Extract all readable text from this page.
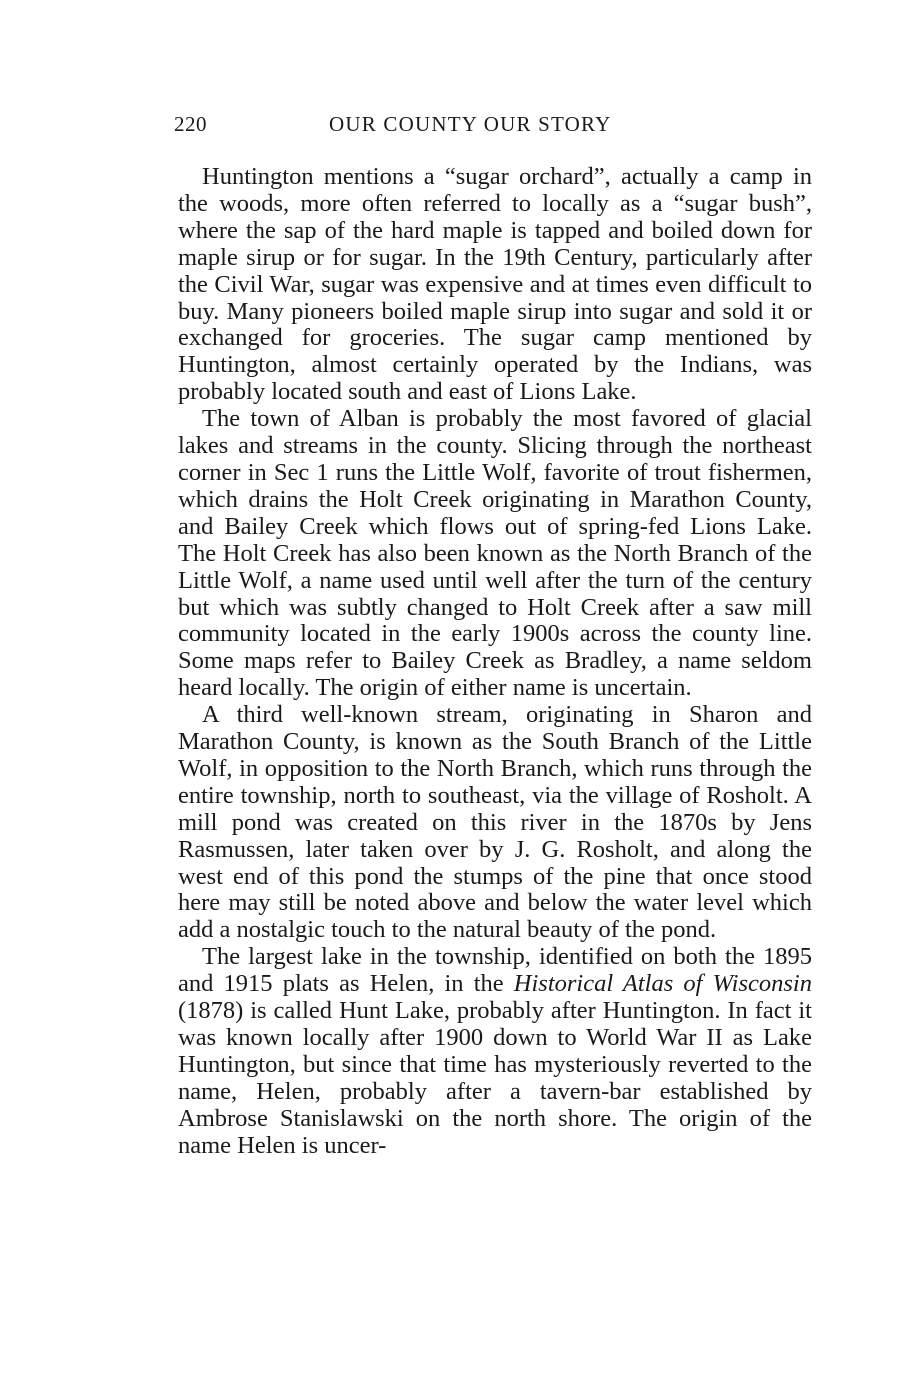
220	OUR COUNTY OUR STORY

Huntington mentions a “sugar orchard”, actually a camp in the woods, more often referred to locally as a “sugar bush”, where the sap of the hard maple is tapped and boiled down for maple sirup or for sugar. In the 19th Century, particularly after the Civil War, sugar was expensive and at times even difficult to buy. Many pioneers boiled maple sirup into sugar and sold it or exchanged for groceries. The sugar camp mentioned by Huntington, almost certainly operated by the Indians, was probably located south and east of Lions Lake.

The town of Alban is probably the most favored of glacial lakes and streams in the county. Slicing through the northeast corner in Sec 1 runs the Little Wolf, favorite of trout fishermen, which drains the Holt Creek originating in Marathon County, and Bailey Creek which flows out of spring-fed Lions Lake. The Holt Creek has also been known as the North Branch of the Little Wolf, a name used until well after the turn of the century but which was subtly changed to Holt Creek after a saw mill community located in the early 1900s across the county line. Some maps refer to Bailey Creek as Bradley, a name seldom heard locally. The origin of either name is uncertain.

A third well-known stream, originating in Sharon and Marathon County, is known as the South Branch of the Little Wolf, in opposition to the North Branch, which runs through the entire township, north to southeast, via the village of Rosholt. A mill pond was created on this river in the 1870s by Jens Rasmussen, later taken over by J. G. Rosholt, and along the west end of this pond the stumps of the pine that once stood here may still be noted above and below the water level which add a nostalgic touch to the natural beauty of the pond.

The largest lake in the township, identified on both the 1895 and 1915 plats as Helen, in the Historical Atlas of Wisconsin (1878) is called Hunt Lake, probably after Huntington. In fact it was known locally after 1900 down to World War II as Lake Huntington, but since that time has mysteriously reverted to the name, Helen, probably after a tavern-bar established by Ambrose Stanislawski on the north shore. The origin of the name Helen is uncer-
